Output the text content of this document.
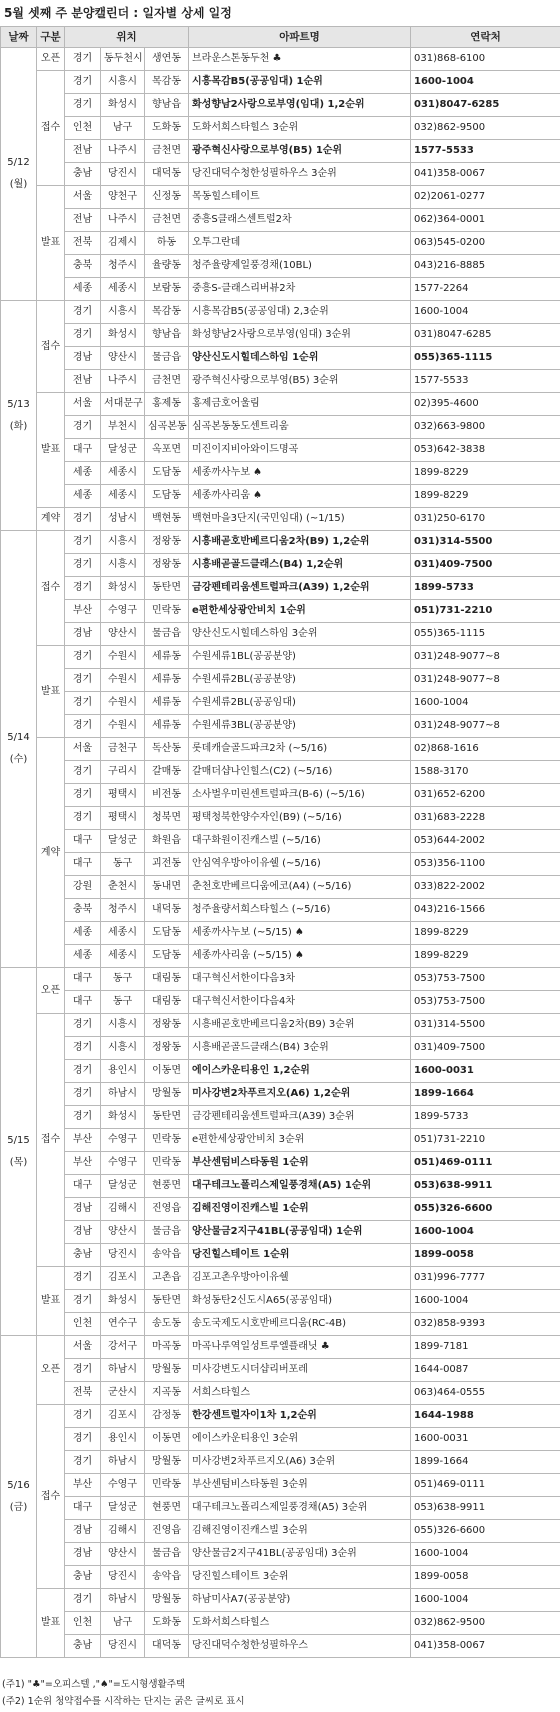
5월 셋째 주 분양캘린더 : 일자별 상세 일정
날짜	구분	위치			아파트명	연락처

5/12
(월)	오픈	경기	동두천시	생연동	브라운스톤동두천 ♣	031)868-6100
	접수	경기	시흥시	목감동	시흥목감B5(공공임대) 1순위	1600-1004
		경기	화성시	향남읍	화성향남2사랑으로부영(임대) 1,2순위	031)8047-6285
		인천	남구	도화동	도화서희스타힐스 3순위	032)862-9500
		전남	나주시	금천면	광주혁신사랑으로부영(B5) 1순위	1577-5533
		충남	당진시	대덕동	당진대덕수청한성필하우스 3순위	041)358-0067
	발표	서울	양천구	신정동	목동힐스테이트	02)2061-0277
		전남	나주시	금천면	중흥S클래스센트럴2차	062)364-0001
		전북	김제시	하동	오투그란데	063)545-0200
		충북	청주시	율량동	청주율량제일풍경채(10BL)	043)216-8885
		세종	세종시	보람동	중흥S-클래스리버뷰2차	1577-2264

5/13
(화)	접수	경기	시흥시	목감동	시흥목감B5(공공임대) 2,3순위	1600-1004
		경기	화성시	향남읍	화성향남2사랑으로부영(임대) 3순위	031)8047-6285
		경남	양산시	물금읍	양산신도시힐데스하임 1순위	055)365-1115
		전남	나주시	금천면	광주혁신사랑으로부영(B5) 3순위	1577-5533
	발표	서울	서대문구	홍제동	홍제금호어울림	02)395-4600
		경기	부천시	심곡본동	심곡본동동도센트리움	032)663-9800
		대구	달성군	옥포면	미진이지비아와이드명곡	053)642-3838
		세종	세종시	도담동	세종까사누보 ♠	1899-8229
		세종	세종시	도담동	세종까사리움 ♠	1899-8229
	계약	경기	성남시	백현동	백현마을3단지(국민임대) (~1/15)	031)250-6170

5/14
(수)	접수	경기	시흥시	정왕동	시흥배곧호반베르디움2차(B9) 1,2순위	031)314-5500
		경기	시흥시	정왕동	시흥배곧골드클래스(B4) 1,2순위	031)409-7500
		경기	화성시	동탄면	금강펜테리움센트럴파크(A39) 1,2순위	1899-5733
		부산	수영구	민락동	e편한세상광안비치 1순위	051)731-2210
		경남	양산시	물금읍	양산신도시힐데스하임 3순위	055)365-1115
	발표	경기	수원시	세류동	수원세류1BL(공공분양)	031)248-9077~8
		경기	수원시	세류동	수원세류2BL(공공분양)	031)248-9077~8
		경기	수원시	세류동	수원세류2BL(공공임대)	1600-1004
		경기	수원시	세류동	수원세류3BL(공공분양)	031)248-9077~8
	계약	서울	금천구	독산동	롯데캐슬골드파크2차 (~5/16)	02)868-1616
		경기	구리시	갈매동	갈매더샵나인힐스(C2) (~5/16)	1588-3170
		경기	평택시	비전동	소사벌우미린센트럴파크(B-6) (~5/16)	031)652-6200
		경기	평택시	청북면	평택청북한양수자인(B9) (~5/16)	031)683-2228
		대구	달성군	화원읍	대구화원이진캐스빌 (~5/16)	053)644-2002
		대구	동구	괴전동	안심역우방아이유쉘 (~5/16)	053)356-1100
		강원	춘천시	동내면	춘천호반베르디움에코(A4) (~5/16)	033)822-2002
		충북	청주시	내덕동	청주율량서희스타힐스 (~5/16)	043)216-1566
		세종	세종시	도담동	세종까사누보 (~5/15) ♠	1899-8229
		세종	세종시	도담동	세종까사리움 (~5/15) ♠	1899-8229

5/15
(목)	오픈	대구	동구	대림동	대구혁신서한이다음3차	053)753-7500
		대구	동구	대림동	대구혁신서한이다음4차	053)753-7500
	접수	경기	시흥시	정왕동	시흥배곧호반베르디움2차(B9) 3순위	031)314-5500
		경기	시흥시	정왕동	시흥배곧골드클래스(B4) 3순위	031)409-7500
		경기	용인시	이동면	에이스카운티용인 1,2순위	1600-0031
		경기	하남시	망월동	미사강변2차푸르지오(A6) 1,2순위	1899-1664
		경기	화성시	동탄면	금강펜테리움센트럴파크(A39) 3순위	1899-5733
		부산	수영구	민락동	e편한세상광안비치 3순위	051)731-2210
		부산	수영구	민락동	부산센텀비스타동원 1순위	051)469-0111
		대구	달성군	현풍면	대구테크노폴리스제일풍경채(A5) 1순위	053)638-9911
		경남	김해시	진영읍	김해진영이진캐스빌 1순위	055)326-6600
		경남	양산시	물금읍	양산물금2지구41BL(공공임대) 1순위	1600-1004
		충남	당진시	송악읍	당진힐스테이트 1순위	1899-0058
	발표	경기	김포시	고촌읍	김포고촌우방아이유쉘	031)996-7777
		경기	화성시	동탄면	화성동탄2신도시A65(공공임대)	1600-1004
		인천	연수구	송도동	송도국제도시호반베르디움(RC-4B)	032)858-9393

5/16
(금)	오픈	서울	강서구	마곡동	마곡나루역일성트루엘플래닛 ♣	1899-7181
		경기	하남시	망월동	미사강변도시더샵리버포레	1644-0087
		전북	군산시	지곡동	서희스타힐스	063)464-0555
	접수	경기	김포시	감정동	한강센트럴자이1차 1,2순위	1644-1988
		경기	용인시	이동면	에이스카운티용인 3순위	1600-0031
		경기	하남시	망월동	미사강변2차푸르지오(A6) 3순위	1899-1664
		부산	수영구	민락동	부산센텀비스타동원 3순위	051)469-0111
		대구	달성군	현풍면	대구테크노폴리스제일풍경채(A5) 3순위	053)638-9911
		경남	김해시	진영읍	김해진영이진캐스빌 3순위	055)326-6600
		경남	양산시	물금읍	양산물금2지구41BL(공공임대) 3순위	1600-1004
		충남	당진시	송악읍	당진힐스테이트 3순위	1899-0058
	발표	경기	하남시	망월동	하남미사A7(공공분양)	1600-1004
		인천	남구	도화동	도화서희스타힐스	032)862-9500
		충남	당진시	대덕동	당진대덕수청한성필하우스	041)358-0067
(주1) "♣"=오피스텔 ,"♠"=도시형생활주택
(주2) 1순위 청약접수를 시작하는 단지는 굵은 글씨로 표시
